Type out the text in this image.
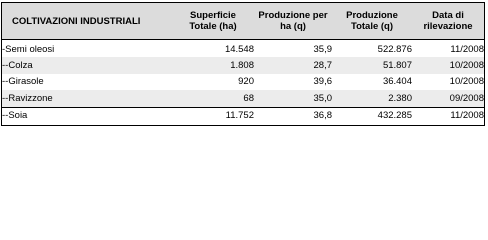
COLTIVAZIONI INDUSTRIALI	Superficie Totale (ha)	Produzione per ha (q)	Produzione Totale (q)	Data di rilevazione
-Semi oleosi	14.548	35,9	522.876	11/2008
--Colza	1.808	28,7	51.807	10/2008
--Girasole	920	39,6	36.404	10/2008
--Ravizzone	68	35,0	2.380	09/2008
--Soia	11.752	36,8	432.285	11/2008
